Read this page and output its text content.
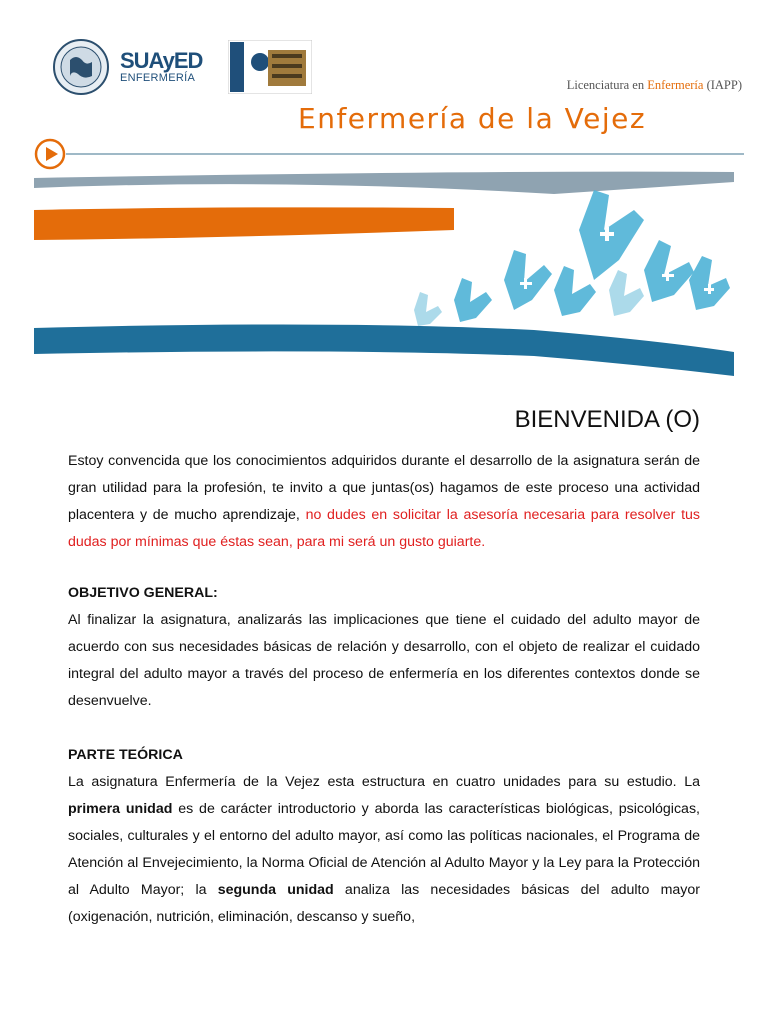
SUAyED
ENFERMERÍA	Licenciatura en Enfermería (IAPP)
Enfermería de la Vejez
BIENVENIDA (O)

Estoy convencida que los conocimientos adquiridos durante el desarrollo de la asignatura serán de gran utilidad para la profesión, te invito a que juntas(os) hagamos de este proceso una actividad placentera y de mucho aprendizaje, no dudes en solicitar la asesoría necesaria para resolver tus dudas por mínimas que éstas sean, para mi será un gusto guiarte.

OBJETIVO GENERAL:

Al finalizar la asignatura, analizarás las implicaciones que tiene el cuidado del adulto mayor de acuerdo con sus necesidades básicas de relación y desarrollo, con el objeto de realizar el cuidado integral del adulto mayor a través del proceso de enfermería en los diferentes contextos donde se desenvuelve.

PARTE TEÓRICA

La asignatura Enfermería de la Vejez esta estructura en cuatro unidades para su estudio. La primera unidad es de carácter introductorio y aborda las características biológicas, psicológicas, sociales, culturales y el entorno del adulto mayor, así como las políticas nacionales, el Programa de Atención al Envejecimiento, la Norma Oficial de Atención al Adulto Mayor y la Ley para la Protección al Adulto Mayor; la segunda unidad analiza las necesidades básicas del adulto mayor (oxigenación, nutrición, eliminación, descanso y sueño,
